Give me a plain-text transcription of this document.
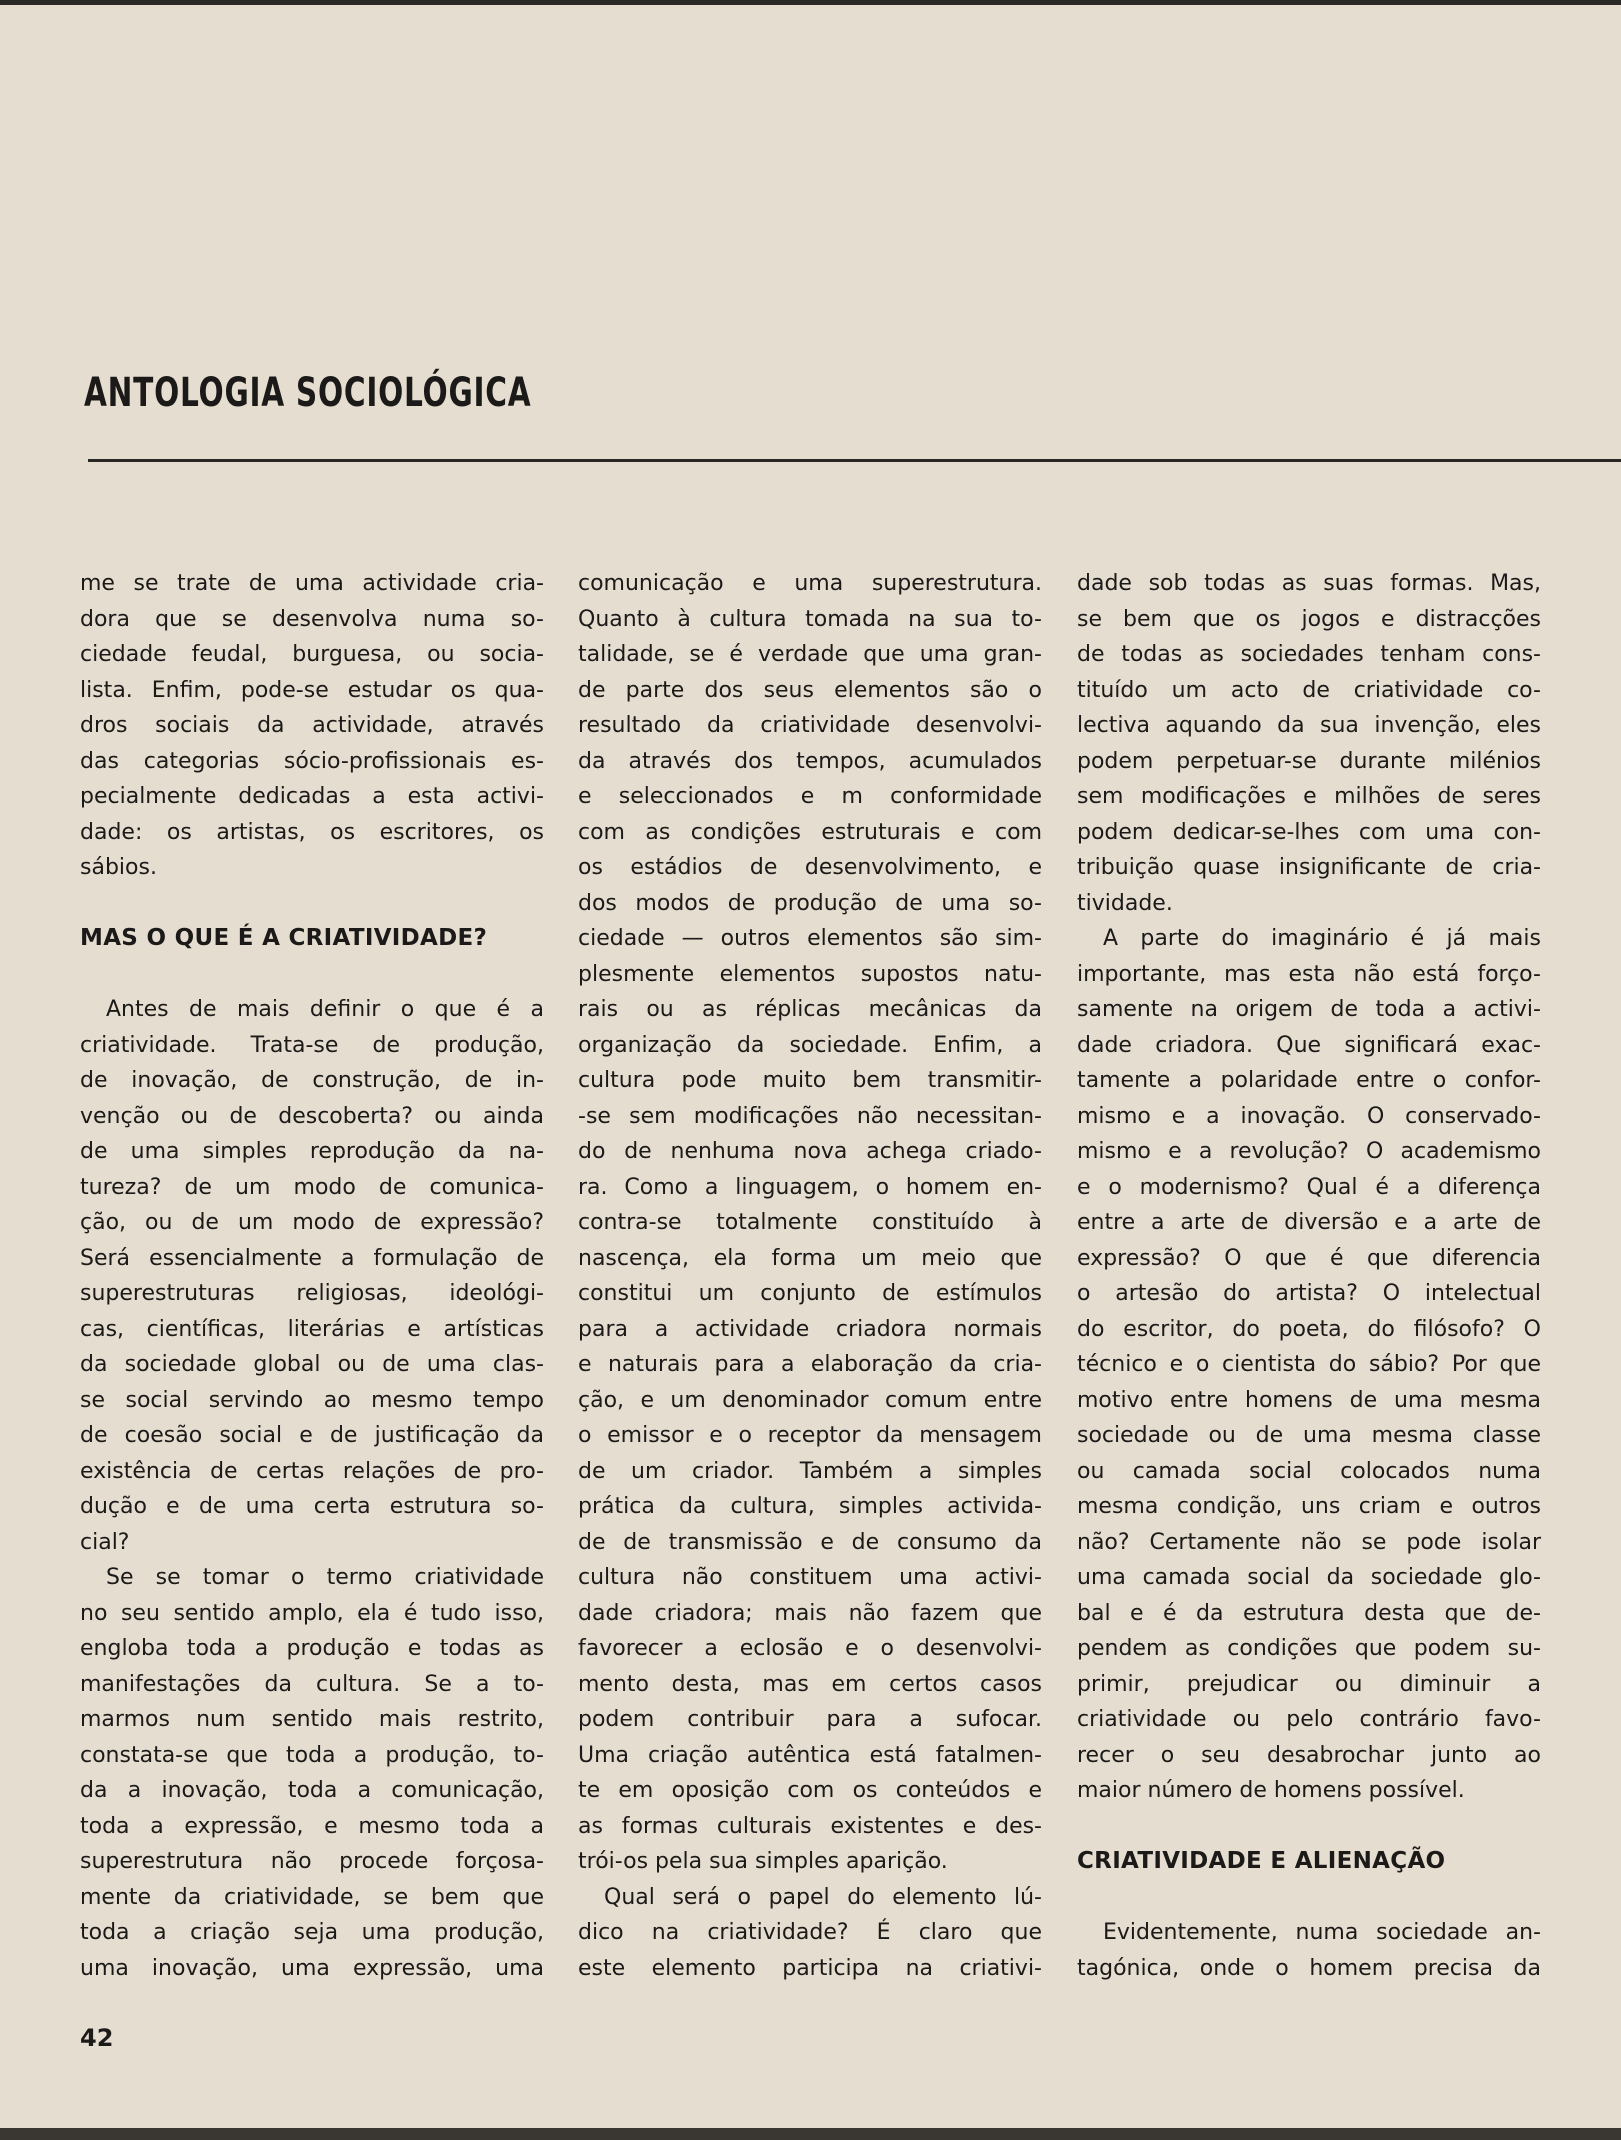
ANTOLOGIA SOCIOLÓGICA
me se trate de uma actividade cria-
dora que se desenvolva numa so-
ciedade feudal, burguesa, ou socia-
lista. Enfim, pode-se estudar os qua-
dros sociais da actividade, através
das categorias sócio-profissionais es-
pecialmente dedicadas a esta activi-
dade: os artistas, os escritores, os
sábios.
MAS O QUE É A CRIATIVIDADE?
Antes de mais definir o que é a
criatividade. Trata-se de produção,
de inovação, de construção, de in-
venção ou de descoberta? ou ainda
de uma simples reprodução da na-
tureza? de um modo de comunica-
ção, ou de um modo de expressão?
Será essencialmente a formulação de
superestruturas religiosas, ideológi-
cas, científicas, literárias e artísticas
da sociedade global ou de uma clas-
se social servindo ao mesmo tempo
de coesão social e de justificação da
existência de certas relações de pro-
dução e de uma certa estrutura so-
cial?
Se se tomar o termo criatividade
no seu sentido amplo, ela é tudo isso,
engloba toda a produção e todas as
manifestações da cultura. Se a to-
marmos num sentido mais restrito,
constata-se que toda a produção, to-
da a inovação, toda a comunicação,
toda a expressão, e mesmo toda a
superestrutura não procede forçosa-
mente da criatividade, se bem que
toda a criação seja uma produção,
uma inovação, uma expressão, uma
comunicação e uma superestrutura.
Quanto à cultura tomada na sua to-
talidade, se é verdade que uma gran-
de parte dos seus elementos são o
resultado da criatividade desenvolvi-
da através dos tempos, acumulados
e seleccionados e m conformidade
com as condições estruturais e com
os estádios de desenvolvimento, e
dos modos de produção de uma so-
ciedade — outros elementos são sim-
plesmente elementos supostos natu-
rais ou as réplicas mecânicas da
organização da sociedade. Enfim, a
cultura pode muito bem transmitir-
-se sem modificações não necessitan-
do de nenhuma nova achega criado-
ra. Como a linguagem, o homem en-
contra-se totalmente constituído à
nascença, ela forma um meio que
constitui um conjunto de estímulos
para a actividade criadora normais
e naturais para a elaboração da cria-
ção, e um denominador comum entre
o emissor e o receptor da mensagem
de um criador. Também a simples
prática da cultura, simples activida-
de de transmissão e de consumo da
cultura não constituem uma activi-
dade criadora; mais não fazem que
favorecer a eclosão e o desenvolvi-
mento desta, mas em certos casos
podem contribuir para a sufocar.
Uma criação autêntica está fatalmen-
te em oposição com os conteúdos e
as formas culturais existentes e des-
trói-os pela sua simples aparição.
Qual será o papel do elemento lú-
dico na criatividade? É claro que
este elemento participa na criativi-
dade sob todas as suas formas. Mas,
se bem que os jogos e distracções
de todas as sociedades tenham cons-
tituído um acto de criatividade co-
lectiva aquando da sua invenção, eles
podem perpetuar-se durante milénios
sem modificações e milhões de seres
podem dedicar-se-lhes com uma con-
tribuição quase insignificante de cria-
tividade.
A parte do imaginário é já mais
importante, mas esta não está forço-
samente na origem de toda a activi-
dade criadora. Que significará exac-
tamente a polaridade entre o confor-
mismo e a inovação. O conservado-
mismo e a revolução? O academismo
e o modernismo? Qual é a diferença
entre a arte de diversão e a arte de
expressão? O que é que diferencia
o artesão do artista? O intelectual
do escritor, do poeta, do filósofo? O
técnico e o cientista do sábio? Por que
motivo entre homens de uma mesma
sociedade ou de uma mesma classe
ou camada social colocados numa
mesma condição, uns criam e outros
não? Certamente não se pode isolar
uma camada social da sociedade glo-
bal e é da estrutura desta que de-
pendem as condições que podem su-
primir, prejudicar ou diminuir a
criatividade ou pelo contrário favo-
recer o seu desabrochar junto ao
maior número de homens possível.
CRIATIVIDADE E ALIENAÇÃO
Evidentemente, numa sociedade an-
tagónica, onde o homem precisa da
42
